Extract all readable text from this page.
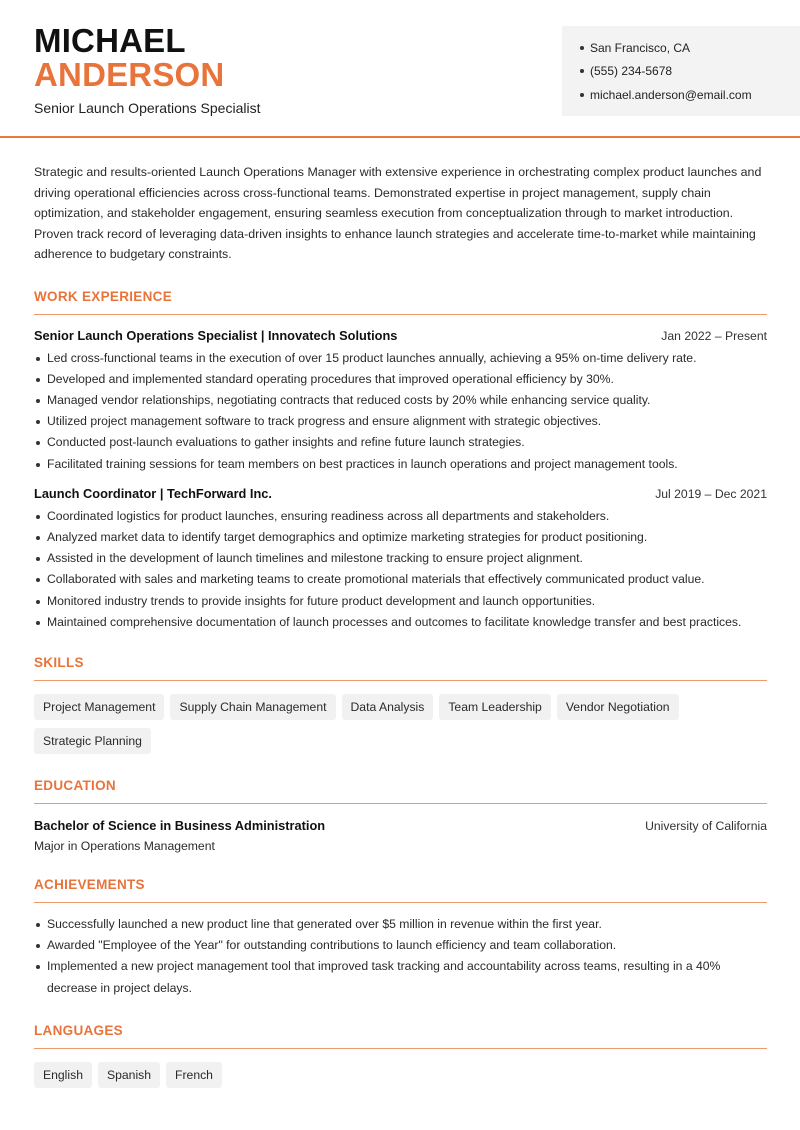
MICHAEL
ANDERSON
Senior Launch Operations Specialist
San Francisco, CA
(555) 234-5678
michael.anderson@email.com

Strategic and results-oriented Launch Operations Manager with extensive experience in orchestrating complex product launches and driving operational efficiencies across cross-functional teams. Demonstrated expertise in project management, supply chain optimization, and stakeholder engagement, ensuring seamless execution from conceptualization through to market introduction. Proven track record of leveraging data-driven insights to enhance launch strategies and accelerate time-to-market while maintaining adherence to budgetary constraints.

WORK EXPERIENCE
Senior Launch Operations Specialist | Innovatech Solutions	Jan 2022 – Present
Led cross-functional teams in the execution of over 15 product launches annually, achieving a 95% on-time delivery rate.
Developed and implemented standard operating procedures that improved operational efficiency by 30%.
Managed vendor relationships, negotiating contracts that reduced costs by 20% while enhancing service quality.
Utilized project management software to track progress and ensure alignment with strategic objectives.
Conducted post-launch evaluations to gather insights and refine future launch strategies.
Facilitated training sessions for team members on best practices in launch operations and project management tools.
Launch Coordinator | TechForward Inc.	Jul 2019 – Dec 2021
Coordinated logistics for product launches, ensuring readiness across all departments and stakeholders.
Analyzed market data to identify target demographics and optimize marketing strategies for product positioning.
Assisted in the development of launch timelines and milestone tracking to ensure project alignment.
Collaborated with sales and marketing teams to create promotional materials that effectively communicated product value.
Monitored industry trends to provide insights for future product development and launch opportunities.
Maintained comprehensive documentation of launch processes and outcomes to facilitate knowledge transfer and best practices.
SKILLS
Project Management	Supply Chain Management	Data Analysis	Team Leadership	Vendor Negotiation
Strategic Planning
EDUCATION
Bachelor of Science in Business Administration	University of California
Major in Operations Management
ACHIEVEMENTS
Successfully launched a new product line that generated over $5 million in revenue within the first year.
Awarded "Employee of the Year" for outstanding contributions to launch efficiency and team collaboration.
Implemented a new project management tool that improved task tracking and accountability across teams, resulting in a 40% decrease in project delays.
LANGUAGES
English	Spanish	French
